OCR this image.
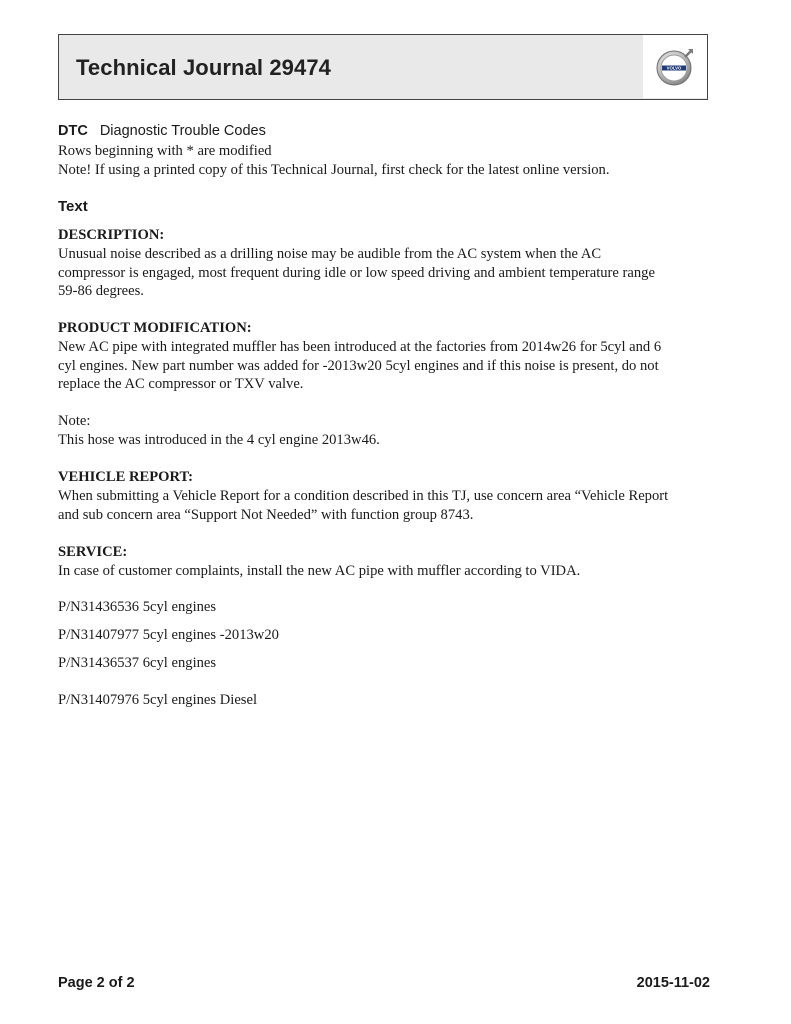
Technical Journal 29474	VOLVO
DTC Diagnostic Trouble Codes
Rows beginning with * are modified
Note! If using a printed copy of this Technical Journal, first check for the latest online version.
Text
DESCRIPTION:
Unusual noise described as a drilling noise may be audible from the AC system when the AC
compressor is engaged, most frequent during idle or low speed driving and ambient temperature range
59-86 degrees.
PRODUCT MODIFICATION:
New AC pipe with integrated muffler has been introduced at the factories from 2014w26 for 5cyl and 6
cyl engines. New part number was added for -2013w20 5cyl engines and if this noise is present, do not
replace the AC compressor or TXV valve.
Note:
This hose was introduced in the 4 cyl engine 2013w46.
VEHICLE REPORT:
When submitting a Vehicle Report for a condition described in this TJ, use concern area “Vehicle Report
and sub concern area “Support Not Needed” with function group 8743.
SERVICE:
In case of customer complaints, install the new AC pipe with muffler according to VIDA.
P/N31436536 5cyl engines
P/N31407977 5cyl engines -2013w20
P/N31436537 6cyl engines
P/N31407976 5cyl engines Diesel
Page 2 of 2	2015-11-02
